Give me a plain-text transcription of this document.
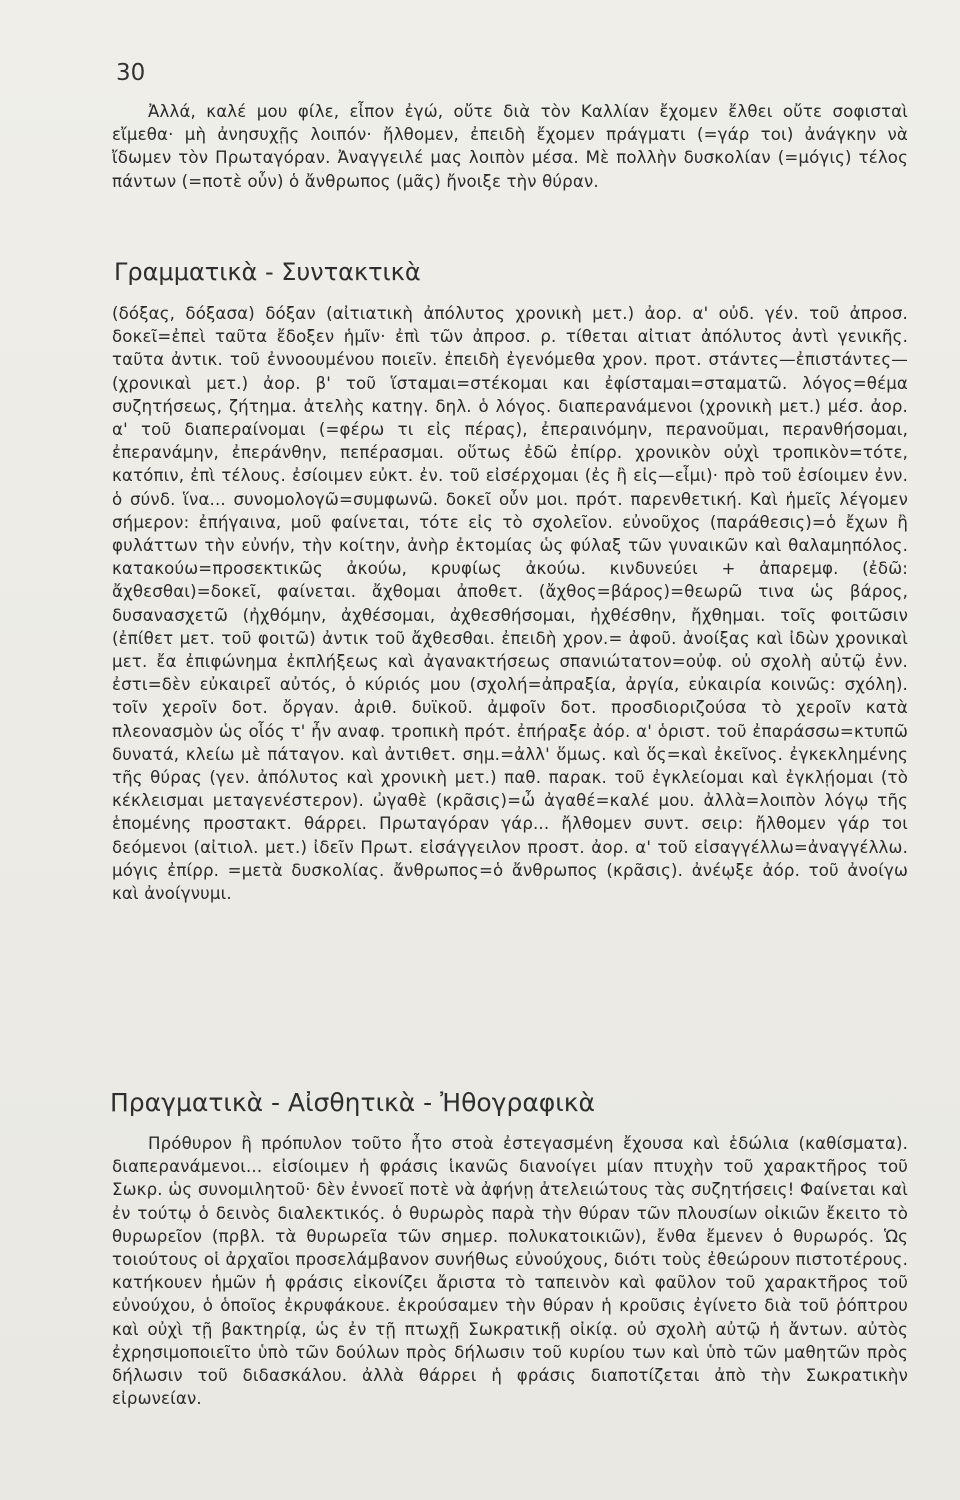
30

Ἀλλά, καλέ μου φίλε, εἶπον ἐγώ, οὔτε διὰ τὸν Καλλίαν ἔχομεν ἔλθει οὔτε σοφισταὶ εἴμεθα· μὴ ἀνησυχῇς λοιπόν· ἤλθομεν, ἐπειδὴ ἔχομεν πράγματι (=γάρ τοι) ἀνάγκην νὰ ἴδωμεν τὸν Πρωταγόραν. Ἀναγγειλέ μας λοιπὸν μέσα. Μὲ πολλὴν δυσκολίαν (=μόγις) τέλος πάντων (=ποτὲ οὖν) ὁ ἄνθρωπος (μᾶς) ἤνοιξε τὴν θύραν.

Γραμματικὰ - Συντακτικὰ

(δόξας, δόξασα) δόξαν (αἰτιατικὴ ἀπόλυτος χρονικὴ μετ.) ἀορ. α' οὐδ. γέν. τοῦ ἀπροσ. δοκεῖ=ἐπεὶ ταῦτα ἔδοξεν ἡμῖν· ἐπὶ τῶν ἀπροσ. ρ. τίθεται αἰτιατ ἀπόλυτος ἀντὶ γενικῆς. ταῦτα ἀντικ. τοῦ ἐννοουμένου ποιεῖν. ἐπειδὴ ἐγενόμεθα χρον. προτ. στάντες—ἐπιστάντες—(χρονικαὶ μετ.) ἀορ. β' τοῦ ἵσταμαι=στέκομαι και ἐφίσταμαι=σταματῶ. λόγος=θέμα συζητήσεως, ζήτημα. ἀτελὴς κατηγ. δηλ. ὁ λόγος. διαπερανάμενοι (χρονικὴ μετ.) μέσ. ἀορ. α' τοῦ διαπεραίνομαι (=φέρω τι εἰς πέρας), ἐπεραινόμην, περανοῦμαι, περανθήσομαι, ἐπερανάμην, ἐπεράνθην, πεπέρασμαι. οὕτως ἐδῶ ἐπίρρ. χρονικὸν οὐχὶ τροπικὸν=τότε, κατόπιν, ἐπὶ τέλους. ἐσίοιμεν εὐκτ. ἐν. τοῦ εἰσέρχομαι (ἐς ἢ εἰς—εἶμι)· πρὸ τοῦ ἐσίοιμεν ἐνν. ὁ σύνδ. ἵνα... συνομολογῶ=συμφωνῶ. δοκεῖ οὖν μοι. πρότ. παρενθετική. Καὶ ἡμεῖς λέγομεν σήμερον: ἐπήγαινα, μοῦ φαίνεται, τότε εἰς τὸ σχολεῖον. εὐνοῦχος (παράθεσις)=ὁ ἔχων ἢ φυλάττων τὴν εὐνήν, τὴν κοίτην, ἀνὴρ ἐκτομίας ὡς φύλαξ τῶν γυναικῶν καὶ θαλαμηπόλος. κατακούω=προσεκτικῶς ἀκούω, κρυφίως ἀκούω. κινδυνεύει + ἀπαρεμφ. (ἐδῶ: ἄχθεσθαι)=δοκεῖ, φαίνεται. ἄχθομαι ἀποθετ. (ἄχθος=βάρος)=θεωρῶ τινα ὡς βάρος, δυσανασχετῶ (ἠχθόμην, ἀχθέσομαι, ἀχθεσθήσομαι, ἠχθέσθην, ἤχθημαι. τοῖς φοιτῶσιν (ἐπίθετ μετ. τοῦ φοιτῶ) ἀντικ τοῦ ἄχθεσθαι. ἐπειδὴ χρον.= ἀφοῦ. ἀνοίξας καὶ ἰδὼν χρονικαὶ μετ. ἔα ἐπιφώνημα ἐκπλήξεως καὶ ἀγανακτήσεως σπανιώτατον=οὐφ. οὐ σχολὴ αὐτῷ ἐνν. ἐστι=δὲν εὐκαιρεῖ αὐτός, ὁ κύριός μου (σχολή=ἀπραξία, ἀργία, εὐκαιρία κοινῶς: σχόλη). τοῖν χεροῖν δοτ. ὄργαν. ἀριθ. δυϊκοῦ. ἀμφοῖν δοτ. προσδιοριζούσα τὸ χεροῖν κατὰ πλεονασμὸν ὡς οἷός τ' ἦν αναφ. τροπικὴ πρότ. ἐπήραξε ἀόρ. α' ὁριστ. τοῦ ἐπαράσσω=κτυπῶ δυνατά, κλείω μὲ πάταγον. καὶ ἀντιθετ. σημ.=ἀλλ' ὅμως. καὶ ὅς=καὶ ἐκεῖνος. ἐγκεκλημένης τῆς θύρας (γεν. ἀπόλυτος καὶ χρονικὴ μετ.) παθ. παρακ. τοῦ ἐγκλείομαι καὶ ἐγκλῄομαι (τὸ κέκλεισμαι μεταγενέστερον). ὠγαθὲ (κρᾶσις)=ὦ ἀγαθέ=καλέ μου. ἀλλὰ=λοιπὸν λόγῳ τῆς ἑπομένης προστακτ. θάρρει. Πρωταγόραν γάρ... ἤλθομεν συντ. σειρ: ἤλθομεν γάρ τοι δεόμενοι (αἰτιολ. μετ.) ἰδεῖν Πρωτ. εἰσάγγειλον προστ. ἀορ. α' τοῦ εἰσαγγέλλω=ἀναγγέλλω. μόγις ἐπίρρ. =μετὰ δυσκολίας. ἄνθρωπος=ὁ ἄνθρωπος (κρᾶσις). ἀνέῳξε ἀόρ. τοῦ ἀνοίγω καὶ ἀνοίγνυμι.

Πραγματικὰ - Αἰσθητικὰ - Ἠθογραφικὰ

Πρόθυρον ἢ πρόπυλον τοῦτο ἦτο στοὰ ἐστεγασμένη ἔχουσα καὶ ἑδώλια (καθίσματα). διαπερανάμενοι... εἰσίοιμεν ἡ φράσις ἱκανῶς διανοίγει μίαν πτυχὴν τοῦ χαρακτῆρος τοῦ Σωκρ. ὡς συνομιλητοῦ· δὲν ἐννοεῖ ποτὲ νὰ ἀφήνῃ ἀτελειώτους τὰς συζητήσεις! Φαίνεται καὶ ἐν τούτῳ ὁ δεινὸς διαλεκτικός. ὁ θυρωρὸς παρὰ τὴν θύραν τῶν πλουσίων οἰκιῶν ἔκειτο τὸ θυρωρεῖον (πρβλ. τὰ θυρωρεῖα τῶν σημερ. πολυκατοικιῶν), ἔνθα ἔμενεν ὁ θυρωρός. Ὡς τοιούτους οἱ ἀρχαῖοι προσελάμβανον συνήθως εὐνούχους, διότι τοὺς ἐθεώρουν πιστοτέρους. κατήκουεν ἡμῶν ἡ φράσις εἰκονίζει ἄριστα τὸ ταπεινὸν καὶ φαῦλον τοῦ χαρακτῆρος τοῦ εὐνούχου, ὁ ὁποῖος ἐκρυφάκουε. ἐκρούσαμεν τὴν θύραν ἡ κροῦσις ἐγίνετο διὰ τοῦ ῥόπτρου καὶ οὐχὶ τῇ βακτηρίᾳ, ὡς ἐν τῇ πτωχῇ Σωκρατικῇ οἰκίᾳ. οὐ σχολὴ αὐτῷ ἡ ἄντων. αὐτὸς ἐχρησιμοποιεῖτο ὑπὸ τῶν δούλων πρὸς δήλωσιν τοῦ κυρίου των καὶ ὑπὸ τῶν μαθητῶν πρὸς δήλωσιν τοῦ διδασκάλου. ἀλλὰ θάρρει ἡ φράσις διαποτίζεται ἀπὸ τὴν Σωκρατικὴν εἰρωνείαν.
